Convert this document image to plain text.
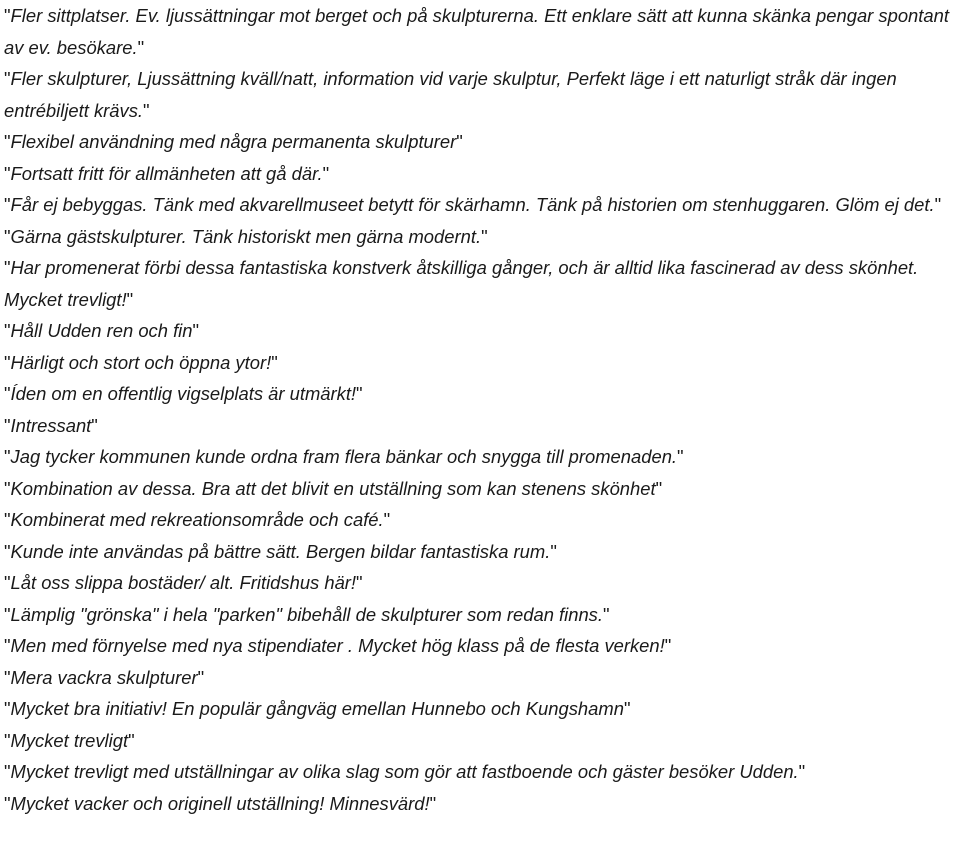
"Fler sittplatser. Ev. ljussättningar mot berget och på skulpturerna. Ett enklare sätt att kunna skänka pengar spontant av ev. besökare."
"Fler skulpturer, Ljussättning kväll/natt, information vid varje skulptur, Perfekt läge i ett naturligt stråk där ingen entrébiljett krävs."
"Flexibel användning med några permanenta skulpturer"
"Fortsatt fritt för allmänheten att gå där."
"Får ej bebyggas. Tänk med akvarellmuseet betytt för skärhamn. Tänk på historien om stenhuggaren. Glöm ej det."
"Gärna gästskulpturer. Tänk historiskt men gärna modernt."
"Har promenerat förbi dessa fantastiska konstverk åtskilliga gånger, och är alltid lika fascinerad av dess skönhet. Mycket trevligt!"
"Håll Udden ren och fin"
"Härligt och stort och öppna ytor!"
"Íden om en offentlig vigselplats är utmärkt!"
"Intressant"
"Jag tycker kommunen kunde ordna fram flera bänkar och snygga till promenaden."
"Kombination av dessa. Bra att det blivit en utställning som kan stenens skönhet"
"Kombinerat med rekreationsområde och café."
"Kunde inte användas på bättre sätt. Bergen bildar fantastiska rum."
"Låt oss slippa bostäder/ alt. Fritidshus här!"
"Lämplig "grönska" i hela "parken" bibehåll de skulpturer som redan finns."
"Men med förnyelse med nya stipendiater . Mycket hög klass på de flesta verken!"
"Mera vackra skulpturer"
"Mycket bra initiativ! En populär gångväg emellan Hunnebo och Kungshamn"
"Mycket trevligt"
"Mycket trevligt med utställningar av olika slag som gör att fastboende och gäster besöker Udden."
"Mycket vacker och originell utställning! Minnesvärd!"
